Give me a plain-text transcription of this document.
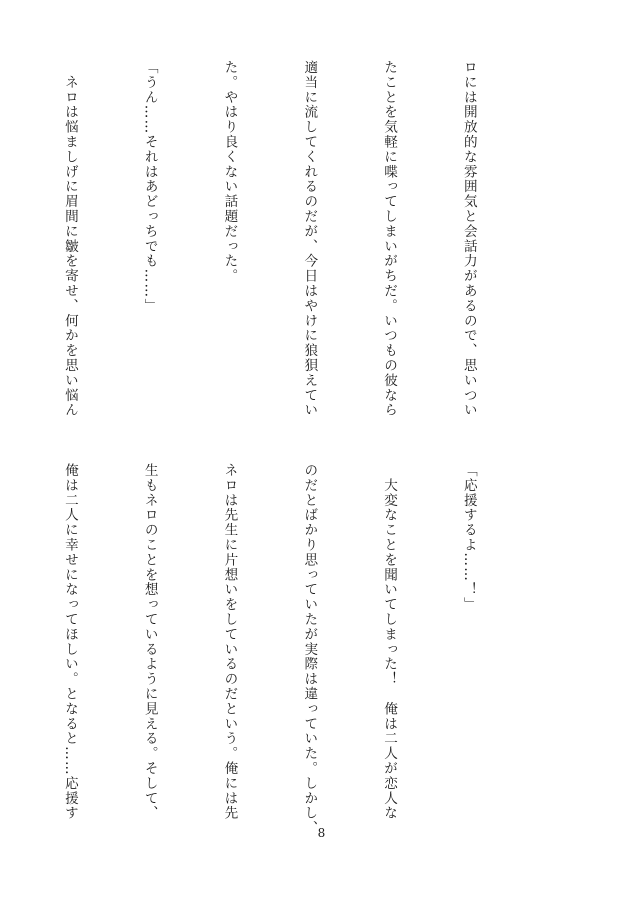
ロには開放的な雰囲気と会話力があるので、思いつい

たことを気軽に喋ってしまいがちだ。いつもの彼なら

適当に流してくれるのだが、今日はやけに狼狽えてい

た。やはり良くない話題だった。

「うん……それはあどっちでも……」

　ネロは悩ましげに眉間に皺を寄せ、何かを思い悩ん

「応援するよ……！」

　大変なことを聞いてしまった！　俺は二人が恋人な

のだとばかり思っていたが実際は違っていた。しかし、

ネロは先生に片想いをしているのだという。俺には先

生もネロのことを想っているように見える。そして、

俺は二人に幸せになってほしい。となると……応援す

8
